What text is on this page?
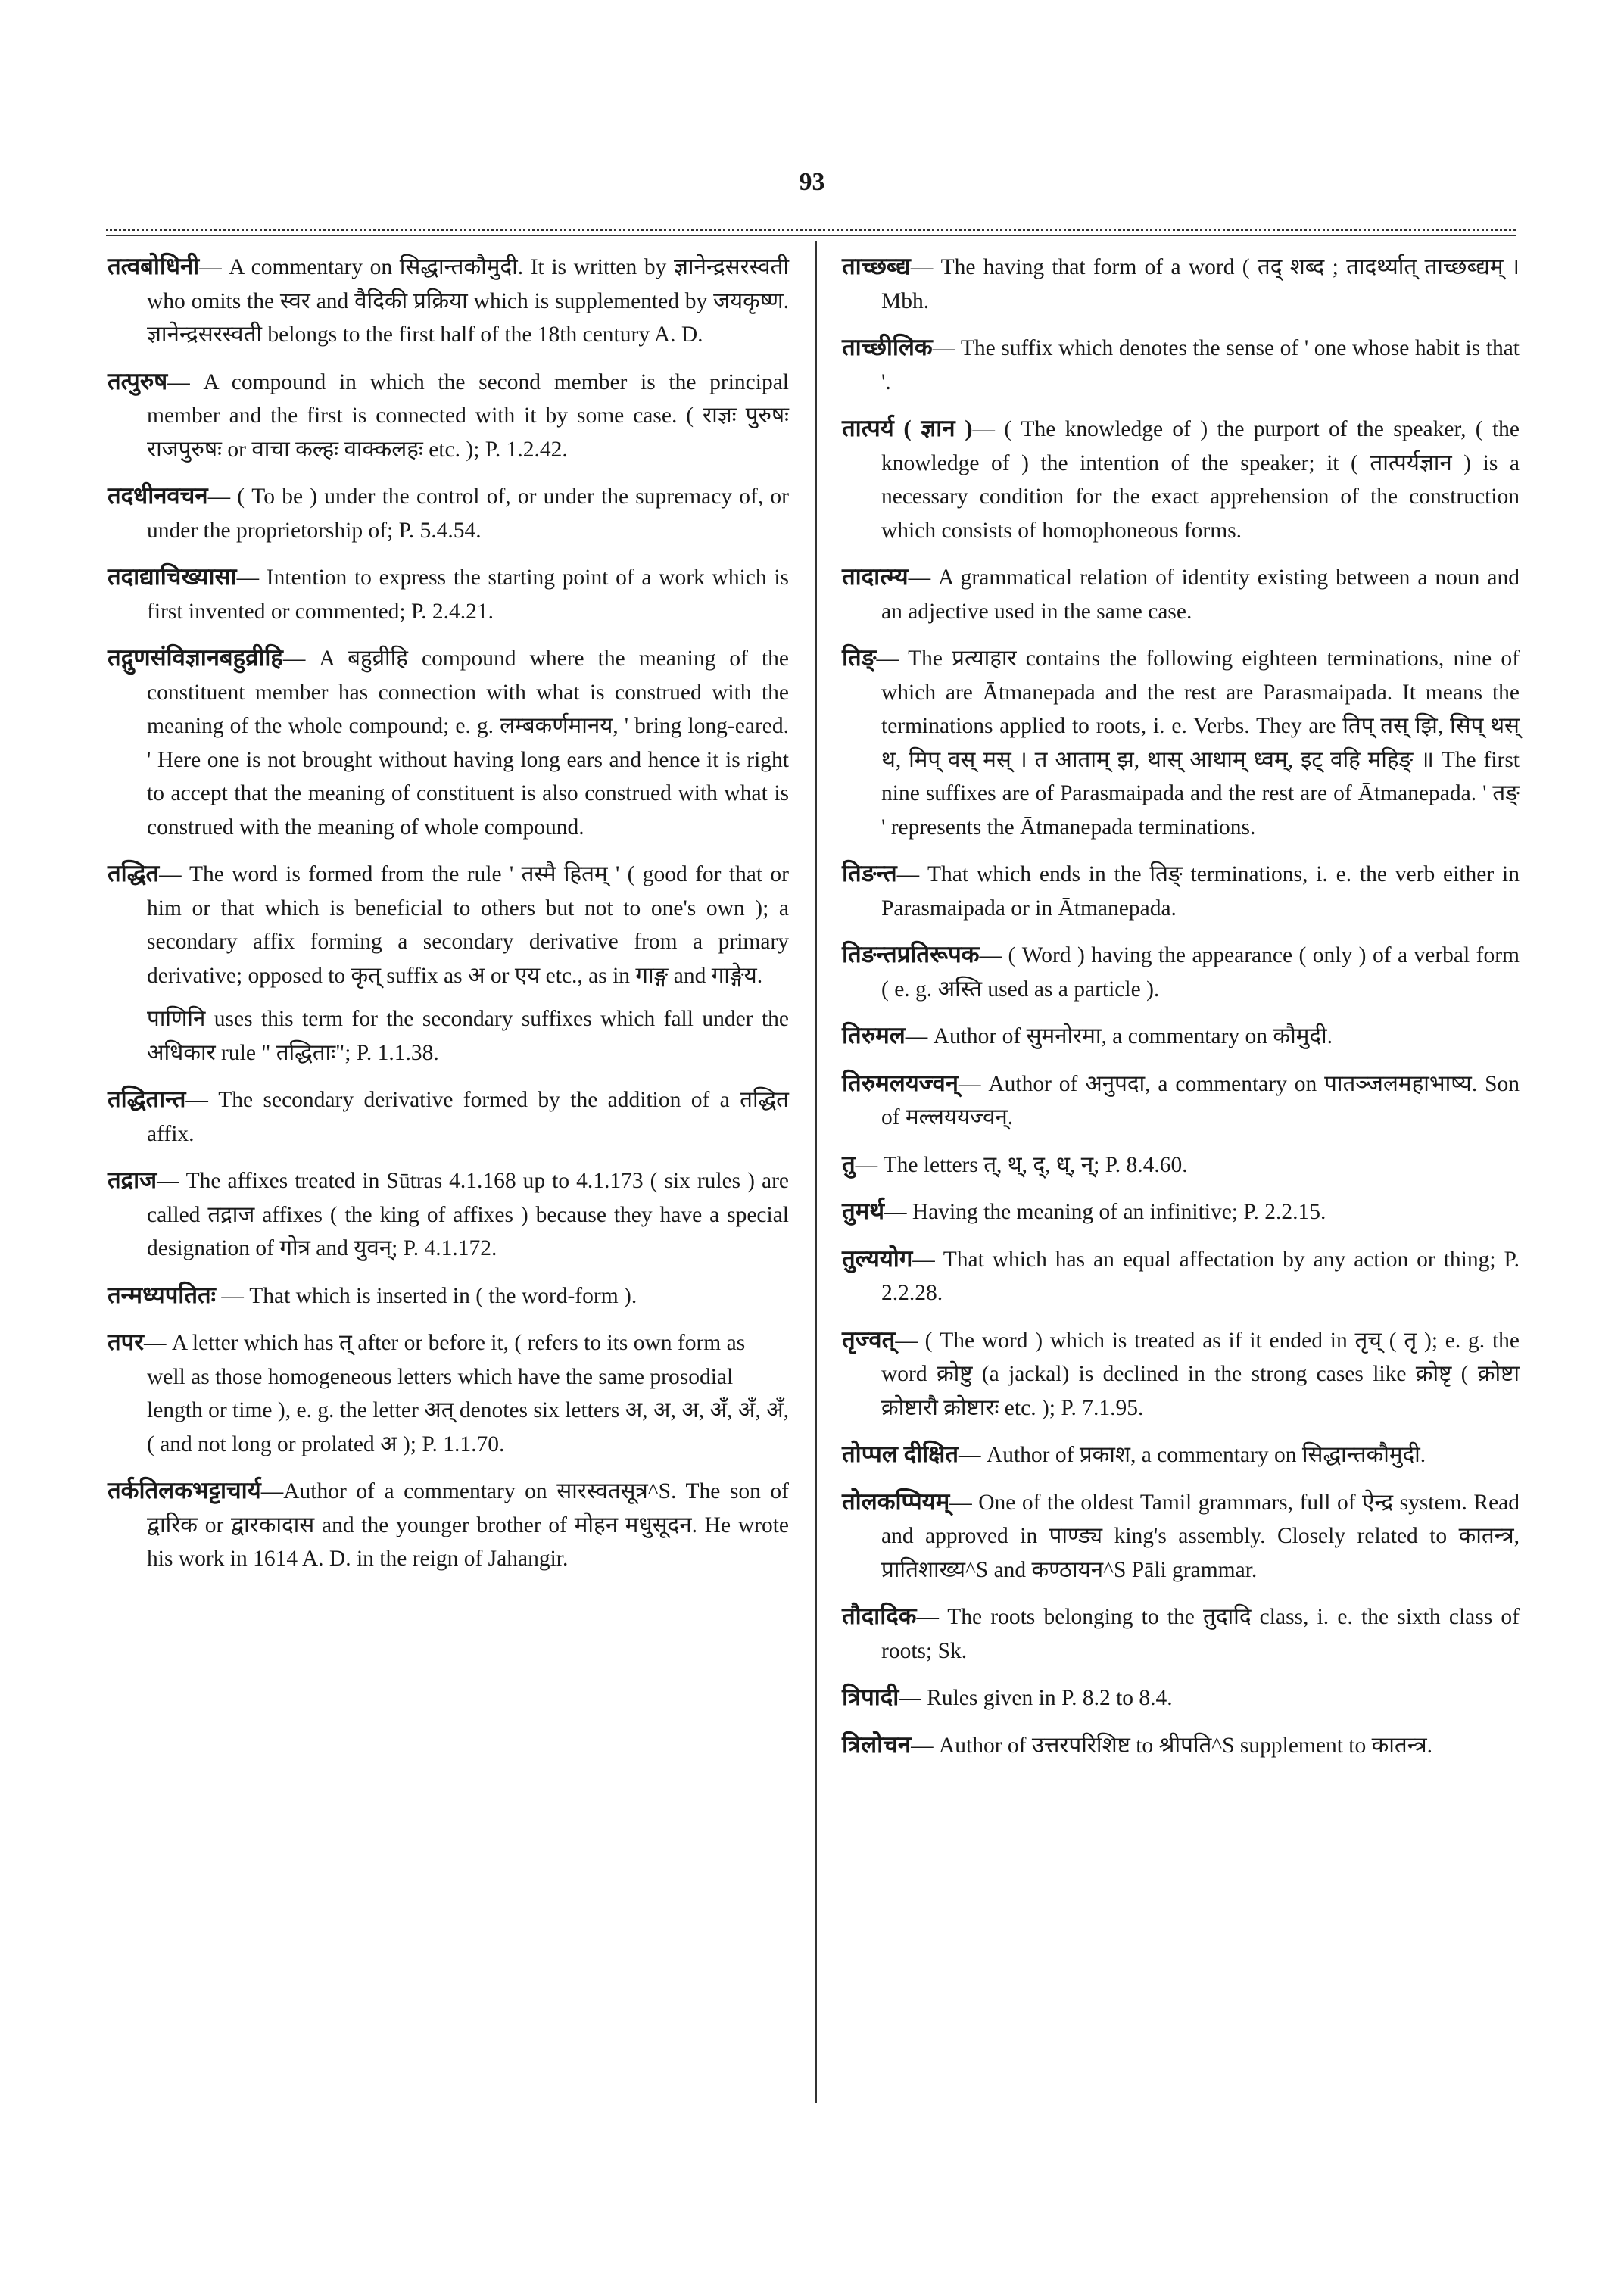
93

तत्वबोधिनी— A commentary on सिद्धान्तकौमुदी. It is written by ज्ञानेन्द्रसरस्वती who omits the स्वर and वैदिकी प्रक्रिया which is supplemented by जयकृष्ण. ज्ञानेन्द्रसरस्वती belongs to the first half of the 18th century A. D.

तत्पुरुष— A compound in which the second member is the principal member and the first is connected with it by some case. ( राज्ञः पुरुषः राजपुरुषः or वाचा कल्हः वाक्कलहः etc. ); P. 1.2.42.

तदधीनवचन— ( To be ) under the control of, or under the supremacy of, or under the proprietorship of; P. 5.4.54.

तदाद्याचिख्यासा— Intention to express the starting point of a work which is first invented or commented; P. 2.4.21.

तद्गुणसंविज्ञानबहुव्रीहि— A बहुव्रीहि compound where the meaning of the constituent member has connection with what is construed with the meaning of the whole compound; e. g. लम्बकर्णमानय, ' bring long-eared. ' Here one is not brought without having long ears and hence it is right to accept that the meaning of constituent is also construed with what is construed with the meaning of whole compound.

तद्धित— The word is formed from the rule ' तस्मै हितम् ' ( good for that or him or that which is beneficial to others but not to one's own ); a secondary affix forming a secondary derivative from a primary derivative; opposed to कृत् suffix as अ or एय etc., as in गाङ्ग and गाङ्गेय.

पाणिनि uses this term for the secondary suffixes which fall under the अधिकार rule " तद्धिताः"; P. 1.1.38.

तद्धितान्त— The secondary derivative formed by the addition of a तद्धित affix.

तद्राज— The affixes treated in Sūtras 4.1.168 up to 4.1.173 ( six rules ) are called तद्राज affixes ( the king of affixes ) because they have a special designation of गोत्र and युवन्; P. 4.1.172.

तन्मध्यपतितः — That which is inserted in ( the word-form ).

तपर— A letter which has त् after or before it, ( refers to its own form as well as those homogeneous letters which have the same prosodial length or time ), e. g. the letter अत् denotes six letters अ, अ, अ, अँ, अँ, अँ, ( and not long or prolated अ ); P. 1.1.70.

तर्कतिलकभट्टाचार्य—Author of a commentary on सारस्वतसूत्र^S. The son of द्वारिक or द्वारकादास and the younger brother of मोहन मधुसूदन. He wrote his work in 1614 A. D. in the reign of Jahangir.

ताच्छब्द्य— The having that form of a word ( तद् शब्द ; तादर्थ्यात् ताच्छब्द्यम् । Mbh.

ताच्छीलिक— The suffix which denotes the sense of ' one whose habit is that '.

तात्पर्य ( ज्ञान )— ( The knowledge of ) the purport of the speaker, ( the knowledge of ) the intention of the speaker; it ( तात्पर्यज्ञान ) is a necessary condition for the exact apprehension of the construction which consists of homophoneous forms.

तादात्म्य— A grammatical relation of identity existing between a noun and an adjective used in the same case.

तिङ्— The प्रत्याहार contains the following eighteen terminations, nine of which are Ātmanepada and the rest are Parasmaipada. It means the terminations applied to roots, i. e. Verbs. They are तिप् तस् झि, सिप् थस् थ, मिप् वस् मस् । त आताम् झ, थास् आथाम् ध्वम्, इट् वहि महिङ् ॥ The first nine suffixes are of Parasmaipada and the rest are of Ātmanepada. ' तङ् ' represents the Ātmanepada terminations.

तिङन्त— That which ends in the तिङ् terminations, i. e. the verb either in Parasmaipada or in Ātmanepada.

तिङन्तप्रतिरूपक— ( Word ) having the appearance ( only ) of a verbal form ( e. g. अस्ति used as a particle ).

तिरुमल— Author of सुमनोरमा, a commentary on कौमुदी.

तिरुमलयज्वन्— Author of अनुपदा, a commentary on पातञ्जलमहाभाष्य. Son of मल्लययज्वन्.

तु— The letters त्, थ्, द्, ध्, न्; P. 8.4.60.

तुमर्थ— Having the meaning of an infinitive; P. 2.2.15.

तुल्ययोग— That which has an equal affectation by any action or thing; P. 2.2.28.

तृज्वत्— ( The word ) which is treated as if it ended in तृच् ( तृ ); e. g. the word क्रोष्टु (a jackal) is declined in the strong cases like क्रोष्टृ ( क्रोष्टा क्रोष्टारौ क्रोष्टारः etc. ); P. 7.1.95.

तोप्पल दीक्षित— Author of प्रकाश, a commentary on सिद्धान्तकौमुदी.

तोलकप्पियम्— One of the oldest Tamil grammars, full of ऐन्द्र system. Read and approved in पाण्ड्य king's assembly. Closely related to कातन्त्र, प्रातिशाख्य^S and कण्ठायन^S Pāli grammar.

तौदादिक— The roots belonging to the तुदादि class, i. e. the sixth class of roots; Sk.

त्रिपादी— Rules given in P. 8.2 to 8.4.

त्रिलोचन— Author of उत्तरपरिशिष्ट to श्रीपति^S supplement to कातन्त्र.
